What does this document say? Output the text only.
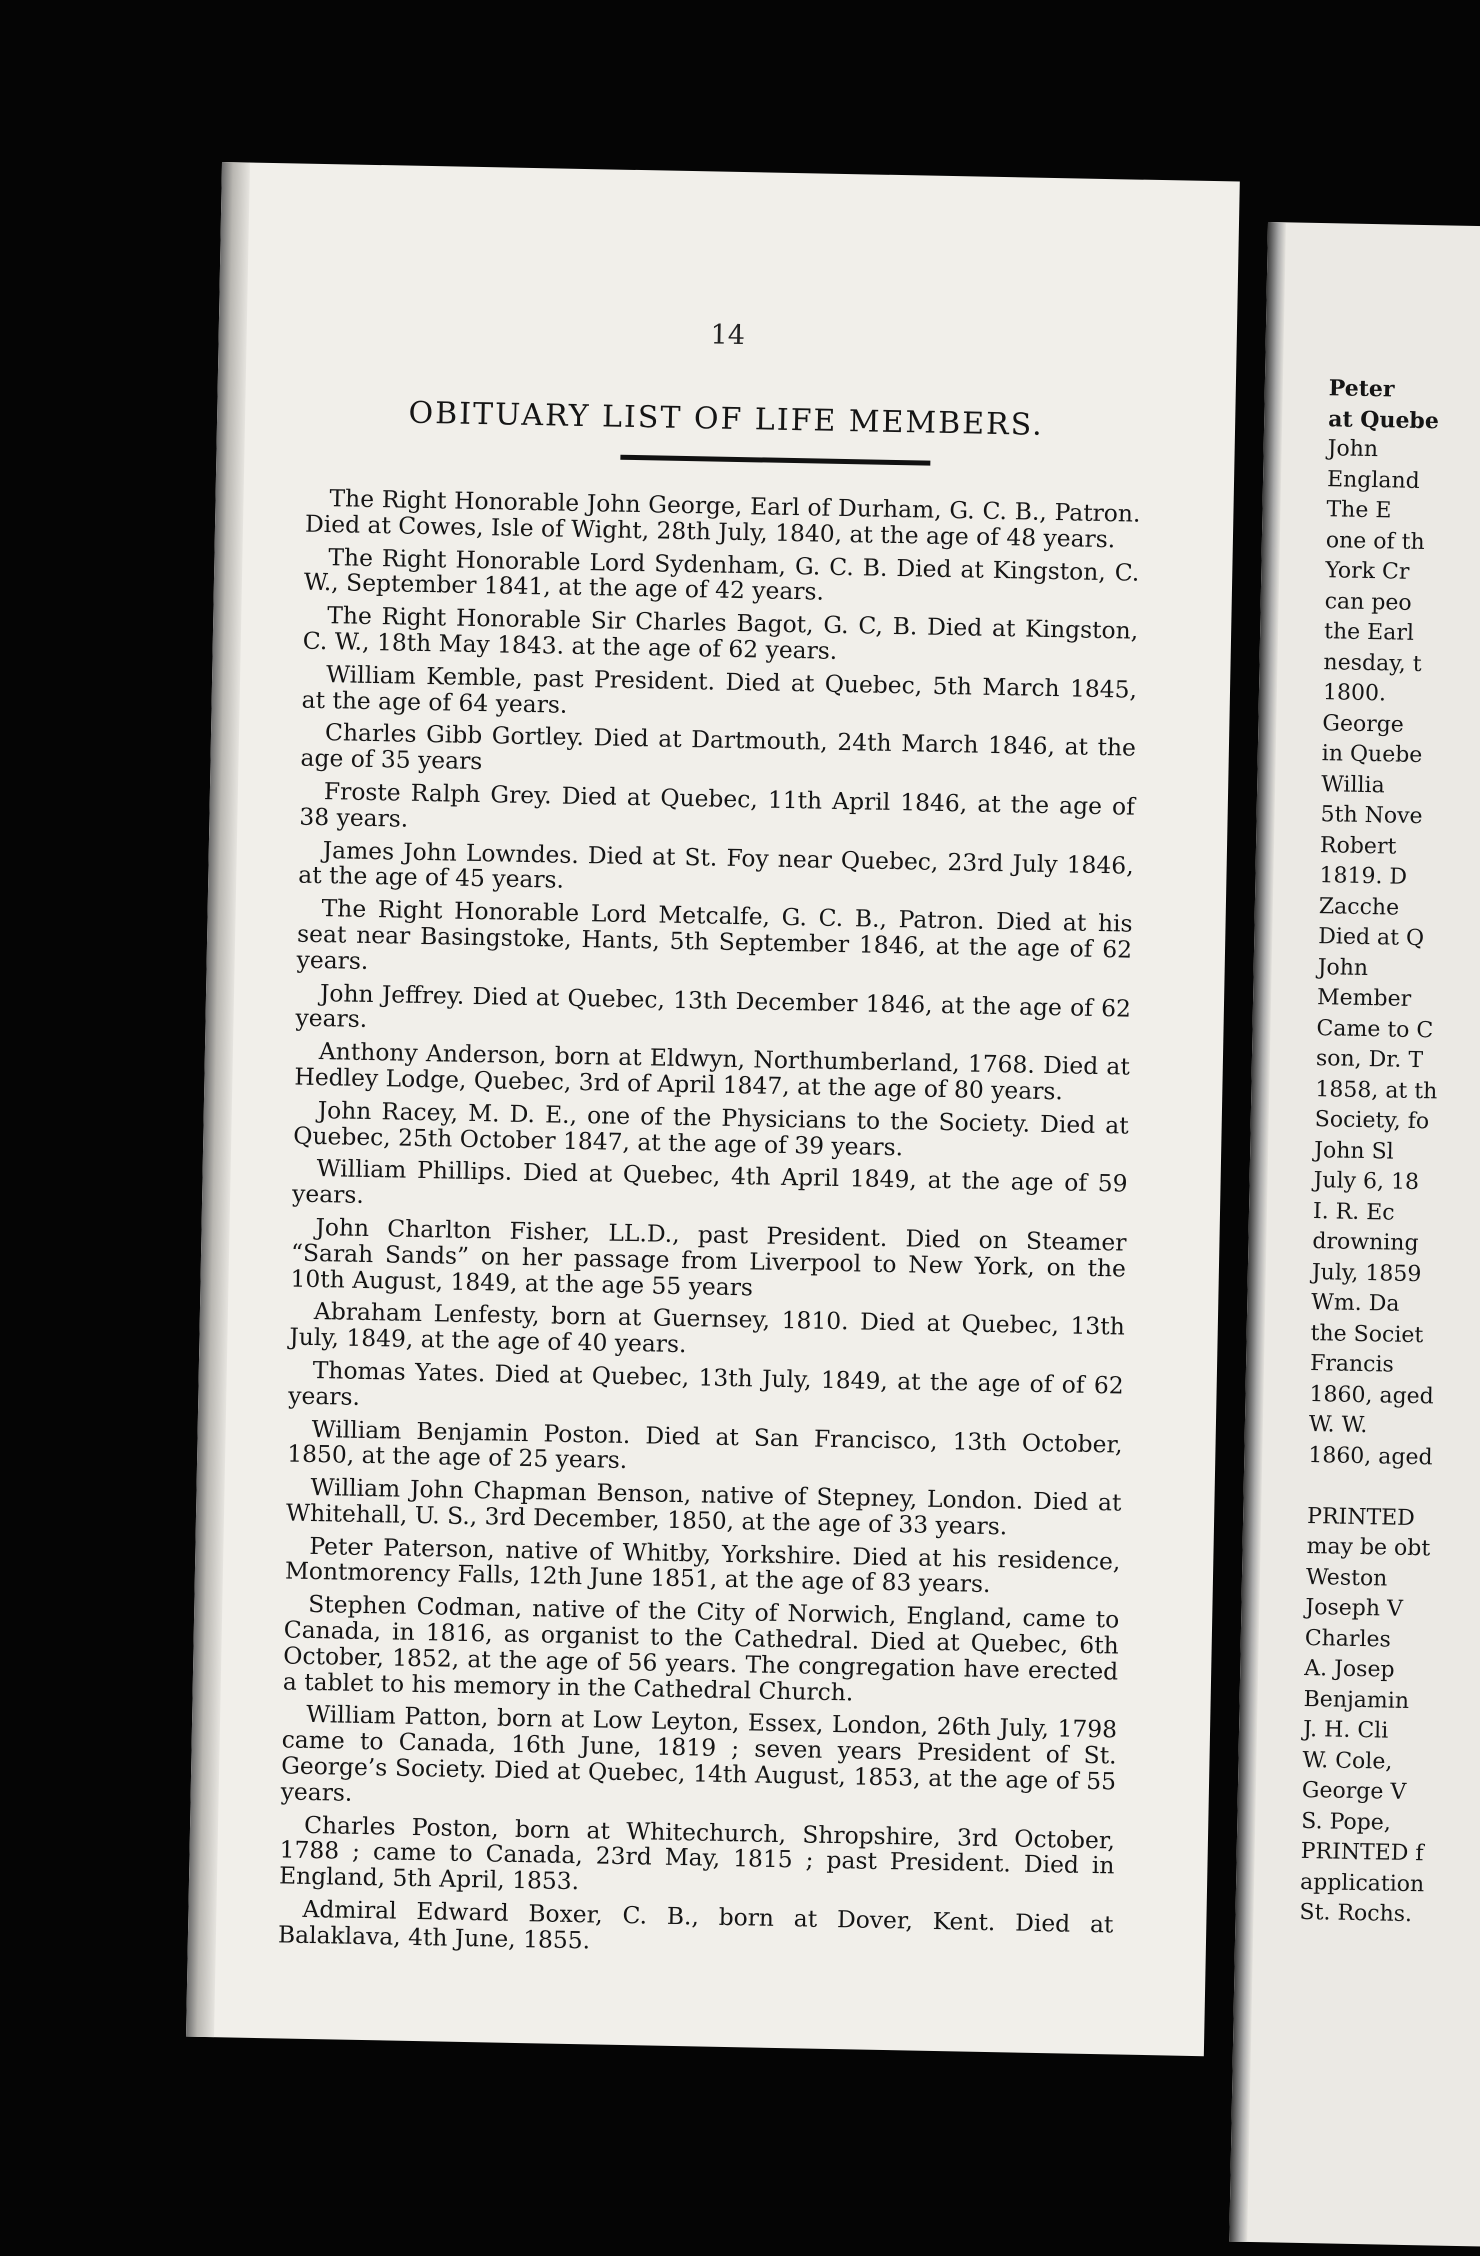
14
OBITUARY LIST OF LIFE MEMBERS.

The Right Honorable John George, Earl of Durham, G. C. B., Patron. Died at Cowes, Isle of Wight, 28th July, 1840, at the age of 48 years.

The Right Honorable Lord Sydenham, G. C. B. Died at Kingston, C. W., September 1841, at the age of 42 years.

The Right Honorable Sir Charles Bagot, G. C, B. Died at Kingston, C. W., 18th May 1843. at the age of 62 years.

William Kemble, past President. Died at Quebec, 5th March 1845, at the age of 64 years.

Charles Gibb Gortley. Died at Dartmouth, 24th March 1846, at the age of 35 years

Froste Ralph Grey. Died at Quebec, 11th April 1846, at the age of 38 years.

James John Lowndes. Died at St. Foy near Quebec, 23rd July 1846, at the age of 45 years.

The Right Honorable Lord Metcalfe, G. C. B., Patron. Died at his seat near Basingstoke, Hants, 5th September 1846, at the age of 62 years.

John Jeffrey. Died at Quebec, 13th December 1846, at the age of 62 years.

Anthony Anderson, born at Eldwyn, Northumberland, 1768. Died at Hedley Lodge, Quebec, 3rd of April 1847, at the age of 80 years.

John Racey, M. D. E., one of the Physicians to the Society. Died at Quebec, 25th October 1847, at the age of 39 years.

William Phillips. Died at Quebec, 4th April 1849, at the age of 59 years.

John Charlton Fisher, LL.D., past President. Died on Steamer “Sarah Sands” on her passage from Liverpool to New York, on the 10th August, 1849, at the age 55 years

Abraham Lenfesty, born at Guernsey, 1810. Died at Quebec, 13th July, 1849, at the age of 40 years.

Thomas Yates. Died at Quebec, 13th July, 1849, at the age of of 62 years.

William Benjamin Poston. Died at San Francisco, 13th October, 1850, at the age of 25 years.

William John Chapman Benson, native of Stepney, London. Died at Whitehall, U. S., 3rd December, 1850, at the age of 33 years.

Peter Paterson, native of Whitby, Yorkshire. Died at his residence, Montmorency Falls, 12th June 1851, at the age of 83 years.

Stephen Codman, native of the City of Norwich, England, came to Canada, in 1816, as organist to the Cathedral. Died at Quebec, 6th October, 1852, at the age of 56 years. The congregation have erected a tablet to his memory in the Cathedral Church.

William Patton, born at Low Leyton, Essex, London, 26th July, 1798 came to Canada, 16th June, 1819 ; seven years President of St. George’s Society. Died at Quebec, 14th August, 1853, at the age of 55 years.

Charles Poston, born at Whitechurch, Shropshire, 3rd October, 1788 ; came to Canada, 23rd May, 1815 ; past President. Died in England, 5th April, 1853.

Admiral Edward Boxer, C. B., born at Dover, Kent. Died at Balaklava, 4th June, 1855.

Peter
at Quebe
John
England
The E
one of th
York Cr
can peo
the Earl
nesday, t
1800.
George
in Quebe
Willia
5th Nove
Robert
1819. D
Zacche
Died at Q
John
Member
Came to C
son, Dr. T
1858, at th
Society, fo
John Sl
July 6, 18
I. R. Ec
drowning
July, 1859
Wm. Da
the Societ
Francis
1860, aged
W. W.
1860, aged

PRINTED
may be obt
Weston
Joseph V
Charles
A. Josep
Benjamin
J. H. Cli
W. Cole,
George V
S. Pope,
PRINTED f
application
St. Rochs.
